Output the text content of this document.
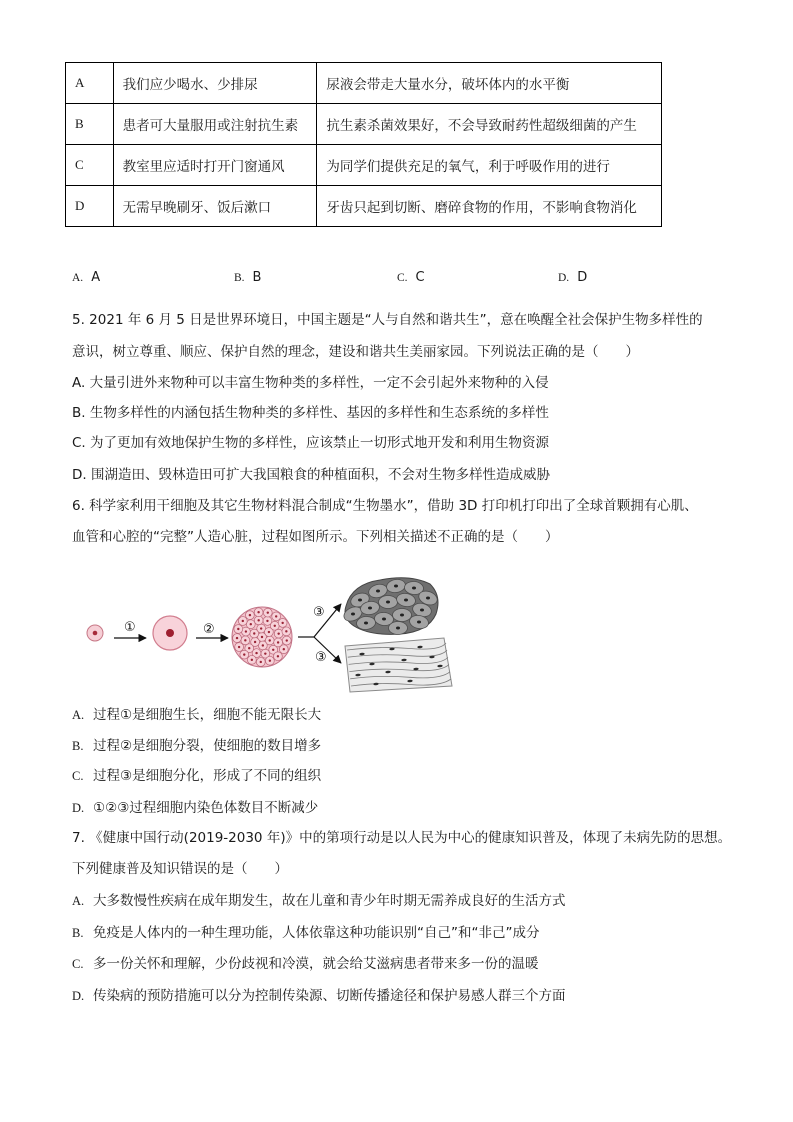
A	我们应少喝水、少排尿	尿液会带走大量水分，破坏体内的水平衡
B	患者可大量服用或注射抗生素	抗生素杀菌效果好，不会导致耐药性超级细菌的产生
C	教室里应适时打开门窗通风	为同学们提供充足的氧气，利于呼吸作用的进行
D	无需早晚刷牙、饭后漱口	牙齿只起到切断、磨碎食物的作用，不影响食物消化
A. A	B. B	C. C	D. D
5. 2021 年 6 月 5 日是世界环境日，中国主题是“人与自然和谐共生”，意在唤醒全社会保护生物多样性的
意识，树立尊重、顺应、保护自然的理念，建设和谐共生美丽家园。下列说法正确的是（　　）
A. 大量引进外来物种可以丰富生物种类的多样性，一定不会引起外来物种的入侵
B. 生物多样性的内涵包括生物种类的多样性、基因的多样性和生态系统的多样性
C. 为了更加有效地保护生物的多样性，应该禁止一切形式地开发和利用生物资源
D. 围湖造田、毁林造田可扩大我国粮食的种植面积，不会对生物多样性造成威胁
6. 科学家利用干细胞及其它生物材料混合制成“生物墨水”，借助 3D 打印机打印出了全球首颗拥有心肌、
血管和心腔的“完整”人造心脏，过程如图所示。下列相关描述不正确的是（　　）
①	②
③
③
A. 过程①是细胞生长，细胞不能无限长大
B. 过程②是细胞分裂，使细胞的数目增多
C. 过程③是细胞分化，形成了不同的组织
D. ①②③过程细胞内染色体数目不断减少
7. 《健康中国行动(2019-2030 年)》中的第项行动是以人民为中心的健康知识普及，体现了未病先防的思想。
下列健康普及知识错误的是（　　）
A. 大多数慢性疾病在成年期发生，故在儿童和青少年时期无需养成良好的生活方式
B. 免疫是人体内的一种生理功能，人体依靠这种功能识别“自己”和“非己”成分
C. 多一份关怀和理解，少份歧视和冷漠，就会给艾滋病患者带来多一份的温暖
D. 传染病的预防措施可以分为控制传染源、切断传播途径和保护易感人群三个方面
